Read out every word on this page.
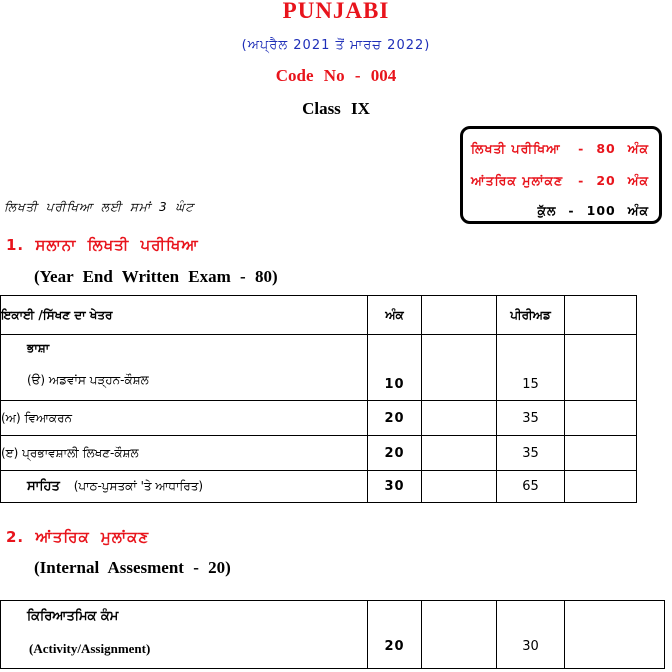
PUNJABI
(ਅਪ੍ਰੈਲ 2021 ਤੋਂ ਮਾਰਚ 2022)
Code No - 004
Class IX
ਲਿਖਤੀ ਪਰੀਖਿਆ - 80 ਅੰਕ
ਆਂਤਰਿਕ ਮੁਲਾਂਕਣ - 20 ਅੰਕ
ਕੁੱਲ - 100 ਅੰਕ
ਲਿਖਤੀ ਪਰੀਖਿਆ ਲਈ ਸਮਾਂ 3 ਘੰਟ
1. ਸਲਾਨਾ ਲਿਖਤੀ ਪਰੀਖਿਆ
(Year End Written Exam - 80)
ਇਕਾਈ /ਸਿੱਖਣ ਦਾ ਖੇਤਰ	ਅੰਕ		ਪੀਰੀਅਡ	

ਭਾਸ਼ਾ
(ੳ) ਅਡਵਾਂਸ ਪੜ੍ਹਨ-ਕੌਸ਼ਲ	10		15	
(ਅ) ਵਿਆਕਰਨ	20		35	
(ੲ) ਪ੍ਰਭਾਵਸ਼ਾਲੀ ਲਿਖਣ-ਕੌਸ਼ਲ	20		35	
ਸਾਹਿਤ (ਪਾਠ-ਪੁਸਤਕਾਂ 'ਤੇ ਆਧਾਰਿਤ)	30		65	
2. ਆਂਤਰਿਕ ਮੁਲਾਂਕਣ
(Internal Assesment - 20)
ਕਿਰਿਆਤਮਿਕ ਕੰਮ
(Activity/Assignment)	20		30	
